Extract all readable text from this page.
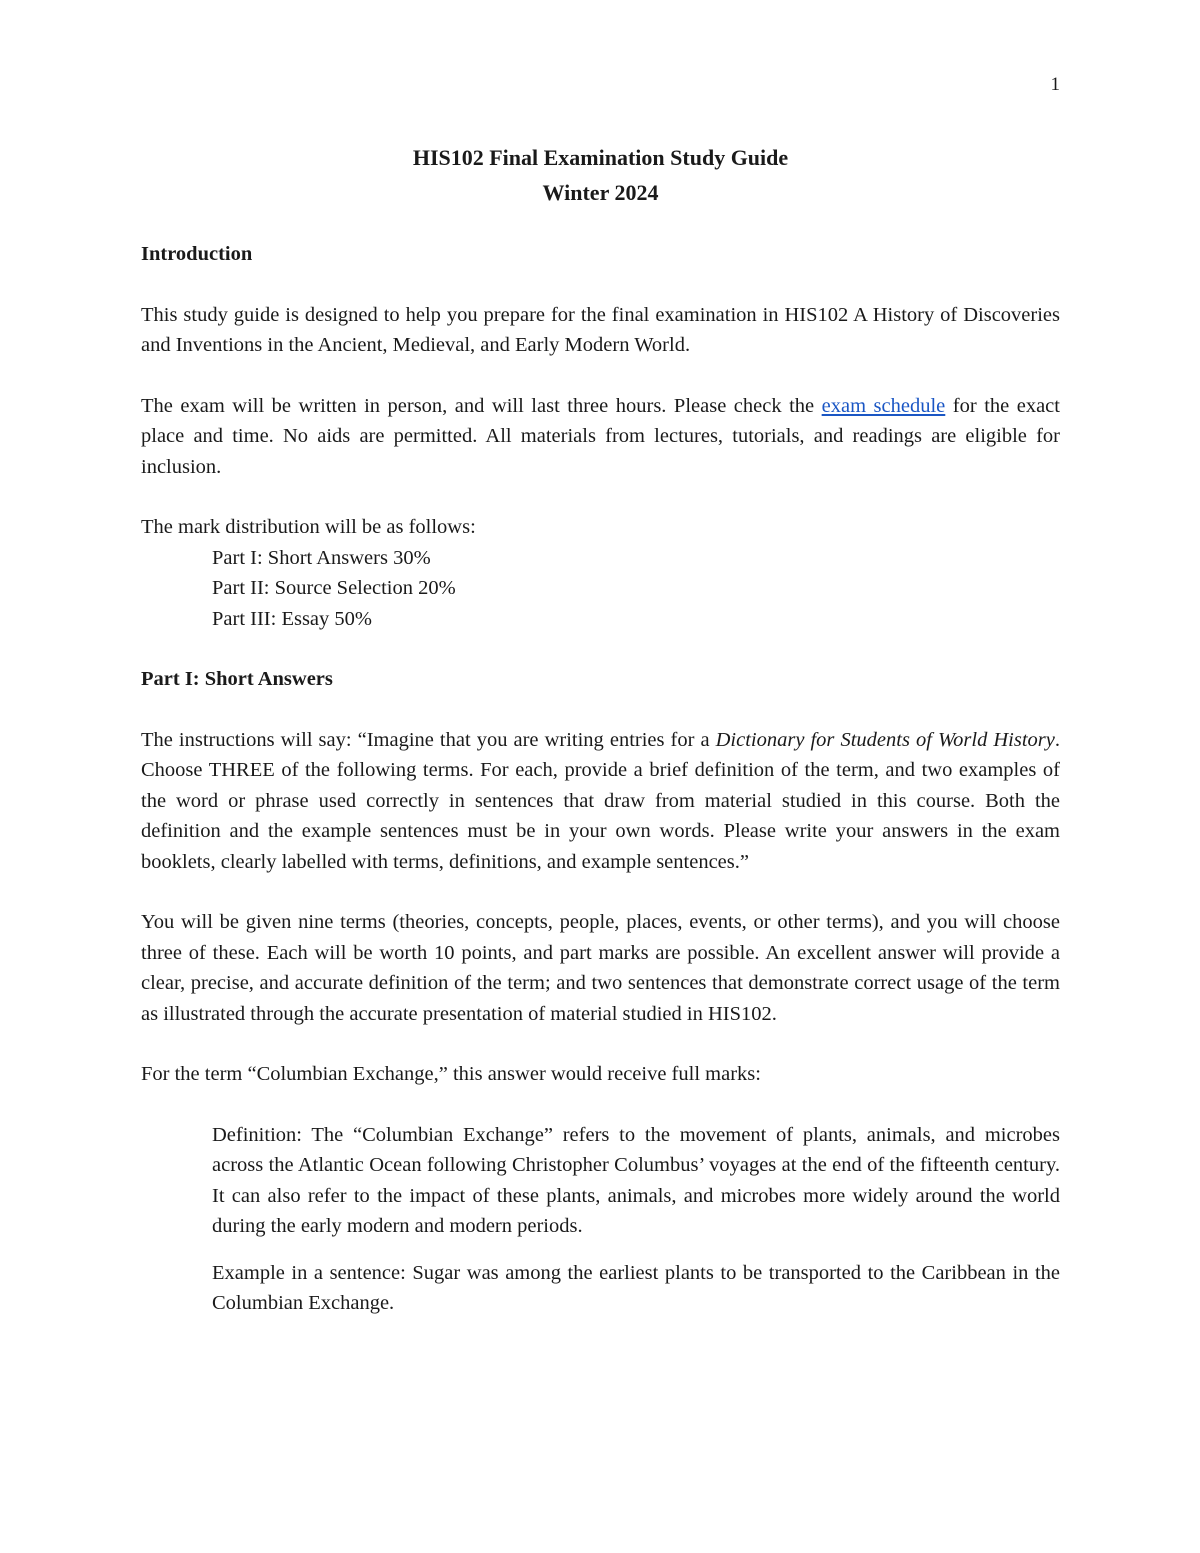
1
HIS102 Final Examination Study Guide
Winter 2024
Introduction

This study guide is designed to help you prepare for the final examination in HIS102 A History of Discoveries and Inventions in the Ancient, Medieval, and Early Modern World.

The exam will be written in person, and will last three hours. Please check the exam schedule for the exact place and time. No aids are permitted. All materials from lectures, tutorials, and readings are eligible for inclusion.

The mark distribution will be as follows:

Part I: Short Answers 30%
Part II: Source Selection 20%
Part III: Essay 50%
Part I: Short Answers

The instructions will say: “Imagine that you are writing entries for a Dictionary for Students of World History. Choose THREE of the following terms. For each, provide a brief definition of the term, and two examples of the word or phrase used correctly in sentences that draw from material studied in this course. Both the definition and the example sentences must be in your own words. Please write your answers in the exam booklets, clearly labelled with terms, definitions, and example sentences.”

You will be given nine terms (theories, concepts, people, places, events, or other terms), and you will choose three of these. Each will be worth 10 points, and part marks are possible. An excellent answer will provide a clear, precise, and accurate definition of the term; and two sentences that demonstrate correct usage of the term as illustrated through the accurate presentation of material studied in HIS102.

For the term “Columbian Exchange,” this answer would receive full marks:

Definition: The “Columbian Exchange” refers to the movement of plants, animals, and microbes across the Atlantic Ocean following Christopher Columbus’ voyages at the end of the fifteenth century. It can also refer to the impact of these plants, animals, and microbes more widely around the world during the early modern and modern periods.

Example in a sentence: Sugar was among the earliest plants to be transported to the Caribbean in the Columbian Exchange.
